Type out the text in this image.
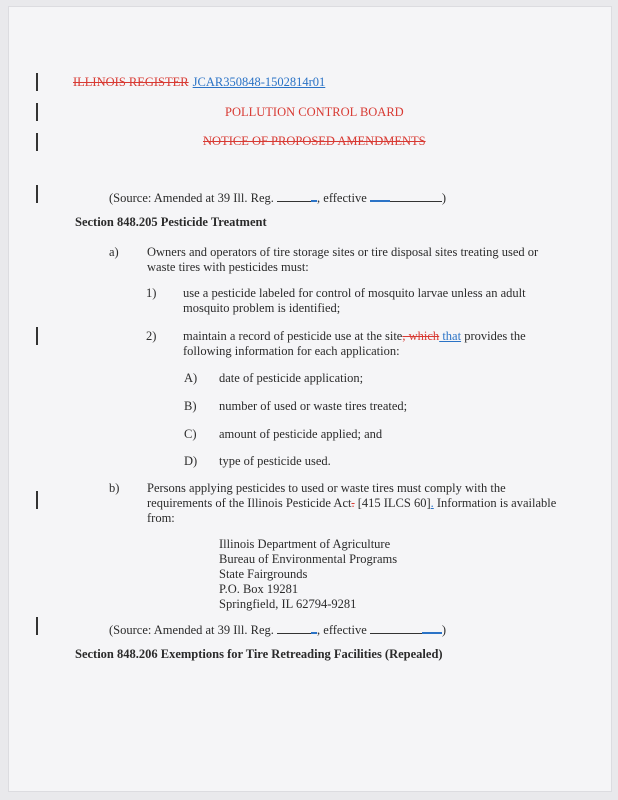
ILLINOIS REGISTER JCAR350848-1502814r01
POLLUTION CONTROL BOARD
NOTICE OF PROPOSED AMENDMENTS
(Source: Amended at 39 Ill. Reg.	, effective	)
Section 848.205 Pesticide Treatment
a) Owners and operators of tire storage sites or tire disposal sites treating used or
waste tires with pesticides must:
1) use a pesticide labeled for control of mosquito larvae unless an adult
mosquito problem is identified;
2) maintain a record of pesticide use at the site, which that provides the
following information for each application:
A) date of pesticide application;
B) number of used or waste tires treated;
C) amount of pesticide applied; and
D) type of pesticide used.
b) Persons applying pesticides to used or waste tires must comply with the
requirements of the Illinois Pesticide Act. [415 ILCS 60]. Information is available
from:
Illinois Department of Agriculture
Bureau of Environmental Programs
State Fairgrounds
P.O. Box 19281
Springfield, IL 62794-9281
(Source: Amended at 39 Ill. Reg.	, effective	)
Section 848.206 Exemptions for Tire Retreading Facilities (Repealed)
